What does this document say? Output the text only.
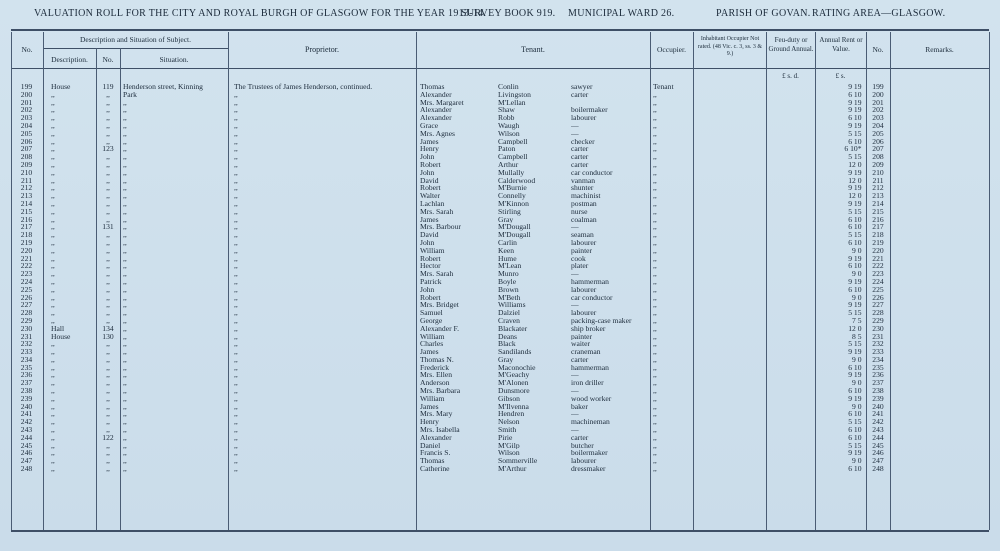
VALUATION ROLL FOR THE CITY AND ROYAL BURGH OF GLASGOW FOR THE YEAR 1913-14.
SURVEY BOOK 919. MUNICIPAL WARD 26.	PARISH OF GOVAN. RATING AREA—GLASGOW.
No.
Description and Situation of Subject.
Description.	No.	Situation.
Proprietor.	Tenant.	Occupier.
Inhabitant Occupier Not rated. (48 Vic. c. 3, ss. 3 & 9.)
Feu-duty or Ground Annual.
Annual Rent or Value.	No.	Remarks.
£ s. d.	£ s.
199	House	119	Henderson street, Kinning	The Trustees of James Henderson, continued.	Thomas	Conlin	sawyer	Tenant			9 19	199	
200	,,	,,	Park	,,	Alexander	Livingston	carter	,,			6 10	200	
201	,,	,,	,,	,,	Mrs. Margaret	M'Lellan		,,			9 19	201	
202	,,	,,	,,	,,	Alexander	Shaw	boilermaker	,,			9 19	202	
203	,,	,,	,,	,,	Alexander	Robb	labourer	,,			6 10	203	
204	,,	,,	,,	,,	Grace	Waugh	—	,,			9 19	204	
205	,,	,,	,,	,,	Mrs. Agnes	Wilson	—	,,			5 15	205	
206	,,	,,	,,	,,	James	Campbell	checker	,,			6 10	206	
207	,,	123	,,	,,	Henry	Paton	carter	,,			6 10*	207	
208	,,	,,	,,	,,	John	Campbell	carter	,,			5 15	208	
209	,,	,,	,,	,,	Robert	Arthur	carter	,,			12 0	209	
210	,,	,,	,,	,,	John	Mullally	car conductor	,,			9 19	210	
211	,,	,,	,,	,,	David	Calderwood	vanman	,,			12 0	211	
212	,,	,,	,,	,,	Robert	M'Burnie	shunter	,,			9 19	212	
213	,,	,,	,,	,,	Walter	Connelly	machinist	,,			12 0	213	
214	,,	,,	,,	,,	Lachlan	M'Kinnon	postman	,,			9 19	214	
215	,,	,,	,,	,,	Mrs. Sarah	Stirling	nurse	,,			5 15	215	
216	,,	,,	,,	,,	James	Gray	coalman	,,			6 10	216	
217	,,	131	,,	,,	Mrs. Barbour	M'Dougall	—	,,			6 10	217	
218	,,	,,	,,	,,	David	M'Dougall	seaman	,,			5 15	218	
219	,,	,,	,,	,,	John	Carlin	labourer	,,			6 10	219	
220	,,	,,	,,	,,	William	Keen	painter	,,			9 0	220	
221	,,	,,	,,	,,	Robert	Hume	cook	,,			9 19	221	
222	,,	,,	,,	,,	Hector	M'Lean	plater	,,			6 10	222	
223	,,	,,	,,	,,	Mrs. Sarah	Munro	—	,,			9 0	223	
224	,,	,,	,,	,,	Patrick	Boyle	hammerman	,,			9 19	224	
225	,,	,,	,,	,,	John	Brown	labourer	,,			6 10	225	
226	,,	,,	,,	,,	Robert	M'Beth	car conductor	,,			9 0	226	
227	,,	,,	,,	,,	Mrs. Bridget	Williams	—	,,			9 19	227	
228	,,	,,	,,	,,	Samuel	Dalziel	labourer	,,			5 15	228	
229	,,	,,	,,	,,	George	Craven	packing-case maker	,,			7 5	229	
230	Hall	134	,,	,,	Alexander F.	Blackater	ship broker	,,			12 0	230	
231	House	130	,,	,,	William	Deans	painter	,,			8 5	231	
232	,,	,,	,,	,,	Charles	Black	waiter	,,			5 15	232	
233	,,	,,	,,	,,	James	Sandilands	craneman	,,			9 19	233	
234	,,	,,	,,	,,	Thomas N.	Gray	carter	,,			9 0	234	
235	,,	,,	,,	,,	Frederick	Maconochie	hammerman	,,			6 10	235	
236	,,	,,	,,	,,	Mrs. Ellen	M'Geachy	—	,,			9 19	236	
237	,,	,,	,,	,,	Anderson	M'Alonen	iron driller	,,			9 0	237	
238	,,	,,	,,	,,	Mrs. Barbara	Dunsmore	—	,,			6 10	238	
239	,,	,,	,,	,,	William	Gibson	wood worker	,,			9 19	239	
240	,,	,,	,,	,,	James	M'Ilvenna	baker	,,			9 0	240	
241	,,	,,	,,	,,	Mrs. Mary	Hendren	—	,,			6 10	241	
242	,,	,,	,,	,,	Henry	Nelson	machineman	,,			5 15	242	
243	,,	,,	,,	,,	Mrs. Isabella	Smith	—	,,			6 10	243	
244	,,	122	,,	,,	Alexander	Pirie	carter	,,			6 10	244	
245	,,	,,	,,	,,	Daniel	M'Gilp	butcher	,,			5 15	245	
246	,,	,,	,,	,,	Francis S.	Wilson	boilermaker	,,			9 19	246	
247	,,	,,	,,	,,	Thomas	Sommerville	labourer	,,			9 0	247	
248	,,	,,	,,	,,	Catherine	M'Arthur	dressmaker	,,			6 10	248	
